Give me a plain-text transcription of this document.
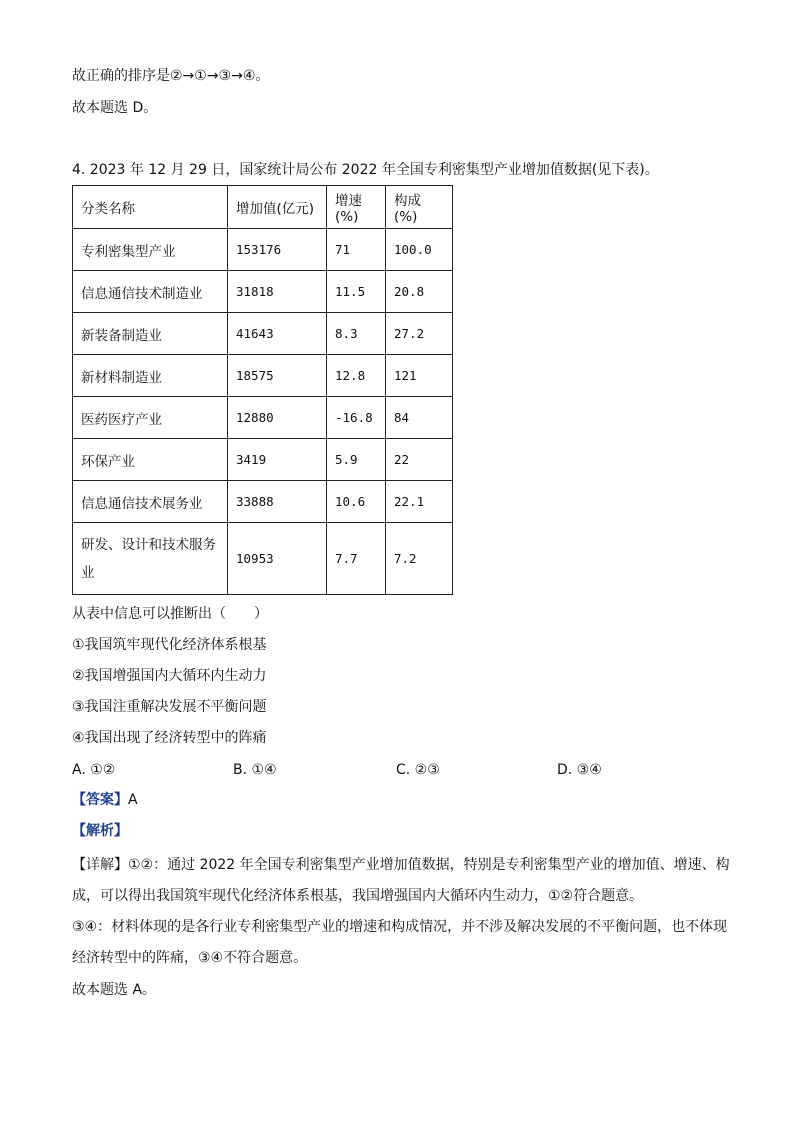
故正确的排序是②→①→③→④。
故本题选 D。
4. 2023 年 12 月 29 日，国家统计局公布 2022 年全国专利密集型产业增加值数据(见下表)。
分类名称	增加值(亿元)	增速(%)	构成(%)
专利密集型产业	153176	71	100.0
信息通信技术制造业	31818	11.5	20.8
新装备制造业	41643	8.3	27.2
新材料制造业	18575	12.8	121
医药医疗产业	12880	-16.8	84
环保产业	3419	5.9	22
信息通信技术展务业	33888	10.6	22.1
研发、设计和技术服务业	10953	7.7	7.2
从表中信息可以推断出（　　）
①我国筑牢现代化经济体系根基
②我国增强国内大循环内生动力
③我国注重解决发展不平衡问题
④我国出现了经济转型中的阵痛
A. ①②	B. ①④	C. ②③	D. ③④
【答案】A
【解析】
【详解】①②：通过 2022 年全国专利密集型产业增加值数据，特别是专利密集型产业的增加值、增速、构成，可以得出我国筑牢现代化经济体系根基，我国增强国内大循环内生动力，①②符合题意。
③④：材料体现的是各行业专利密集型产业的增速和构成情况，并不涉及解决发展的不平衡问题，也不体现经济转型中的阵痛，③④不符合题意。
故本题选 A。
